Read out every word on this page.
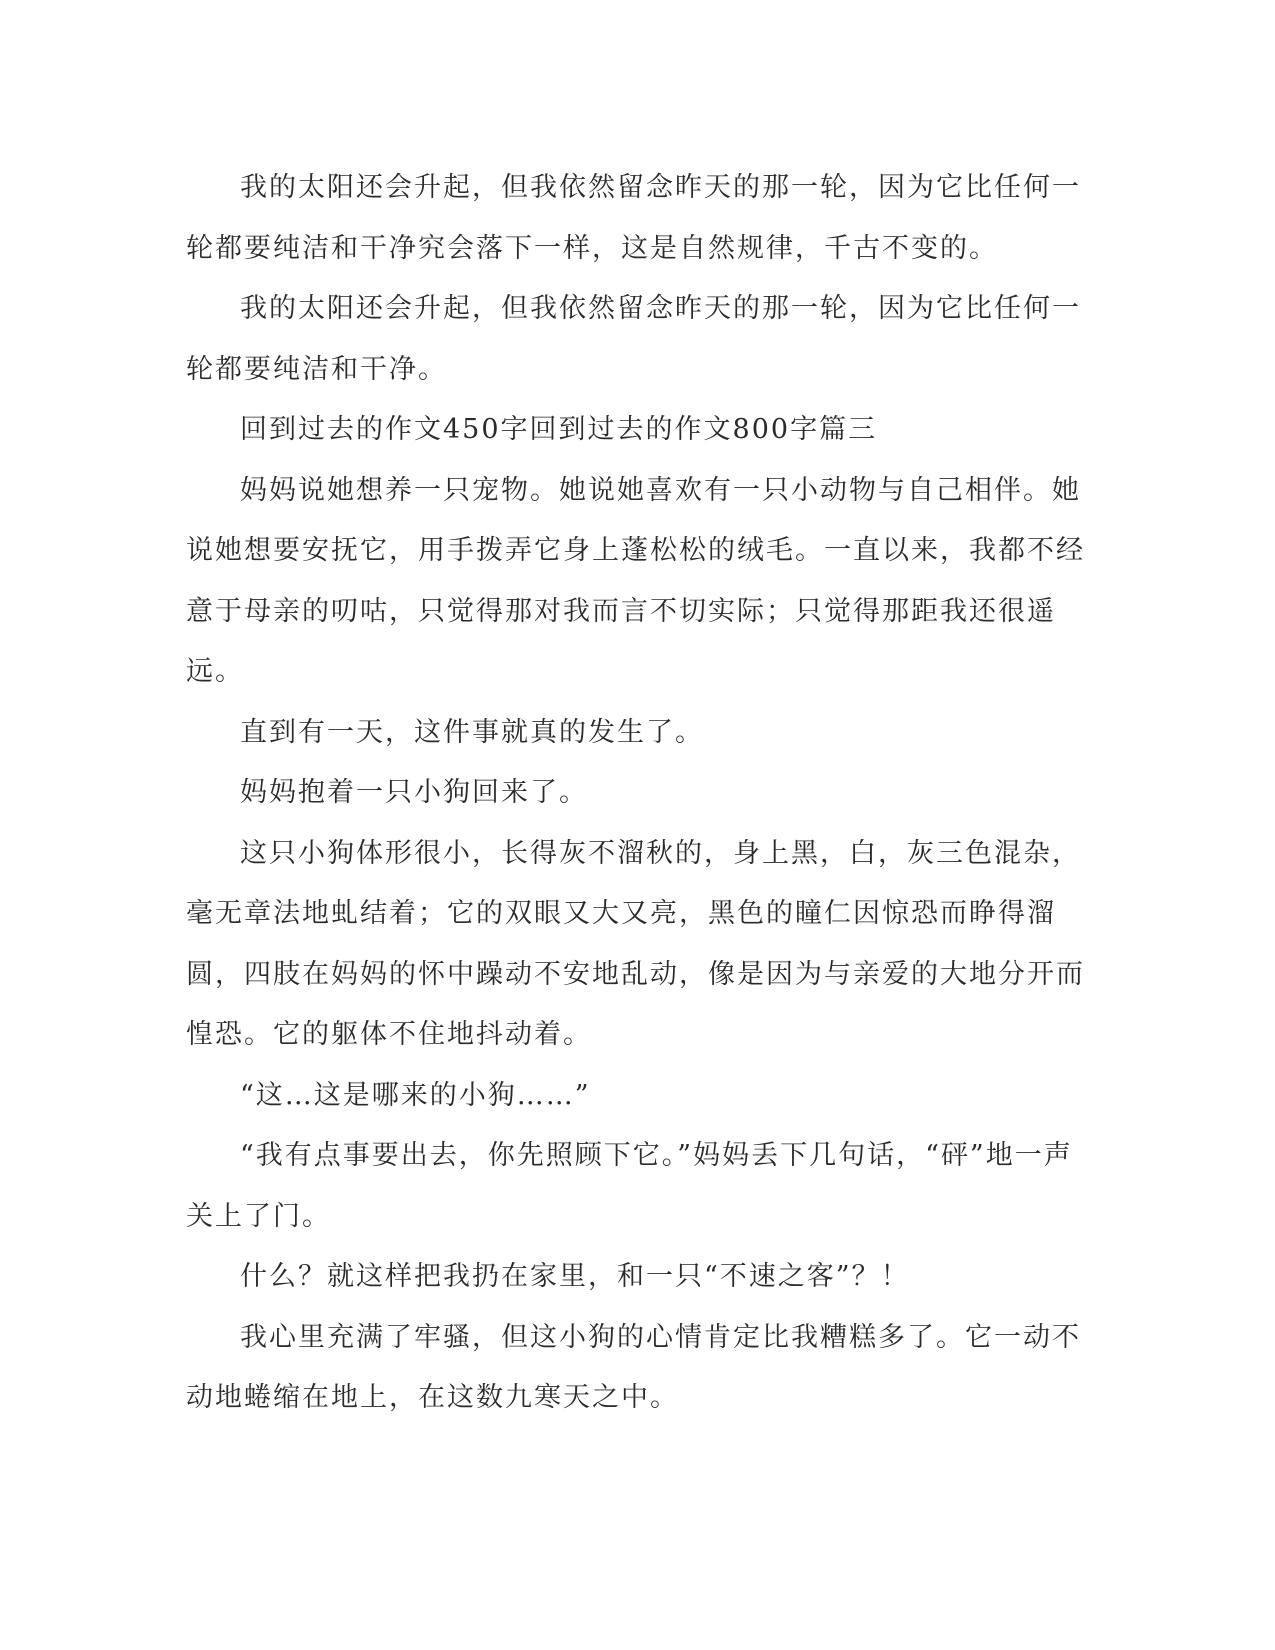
我的太阳还会升起，但我依然留念昨天的那一轮，因为它比任何一轮都要纯洁和干净究会落下一样，这是自然规律，千古不变的。

我的太阳还会升起，但我依然留念昨天的那一轮，因为它比任何一轮都要纯洁和干净。

回到过去的作文450字回到过去的作文800字篇三

妈妈说她想养一只宠物。她说她喜欢有一只小动物与自己相伴。她说她想要安抚它，用手拨弄它身上蓬松松的绒毛。一直以来，我都不经意于母亲的叨咕，只觉得那对我而言不切实际；只觉得那距我还很遥远。

直到有一天，这件事就真的发生了。

妈妈抱着一只小狗回来了。

这只小狗体形很小，长得灰不溜秋的，身上黑，白，灰三色混杂，毫无章法地虬结着；它的双眼又大又亮，黑色的瞳仁因惊恐而睁得溜圆，四肢在妈妈的怀中躁动不安地乱动，像是因为与亲爱的大地分开而惶恐。它的躯体不住地抖动着。

“这…这是哪来的小狗……”

“我有点事要出去，你先照顾下它。”妈妈丢下几句话，“砰”地一声关上了门。

什么？就这样把我扔在家里，和一只“不速之客”？！

我心里充满了牢骚，但这小狗的心情肯定比我糟糕多了。它一动不动地蜷缩在地上，在这数九寒天之中。
